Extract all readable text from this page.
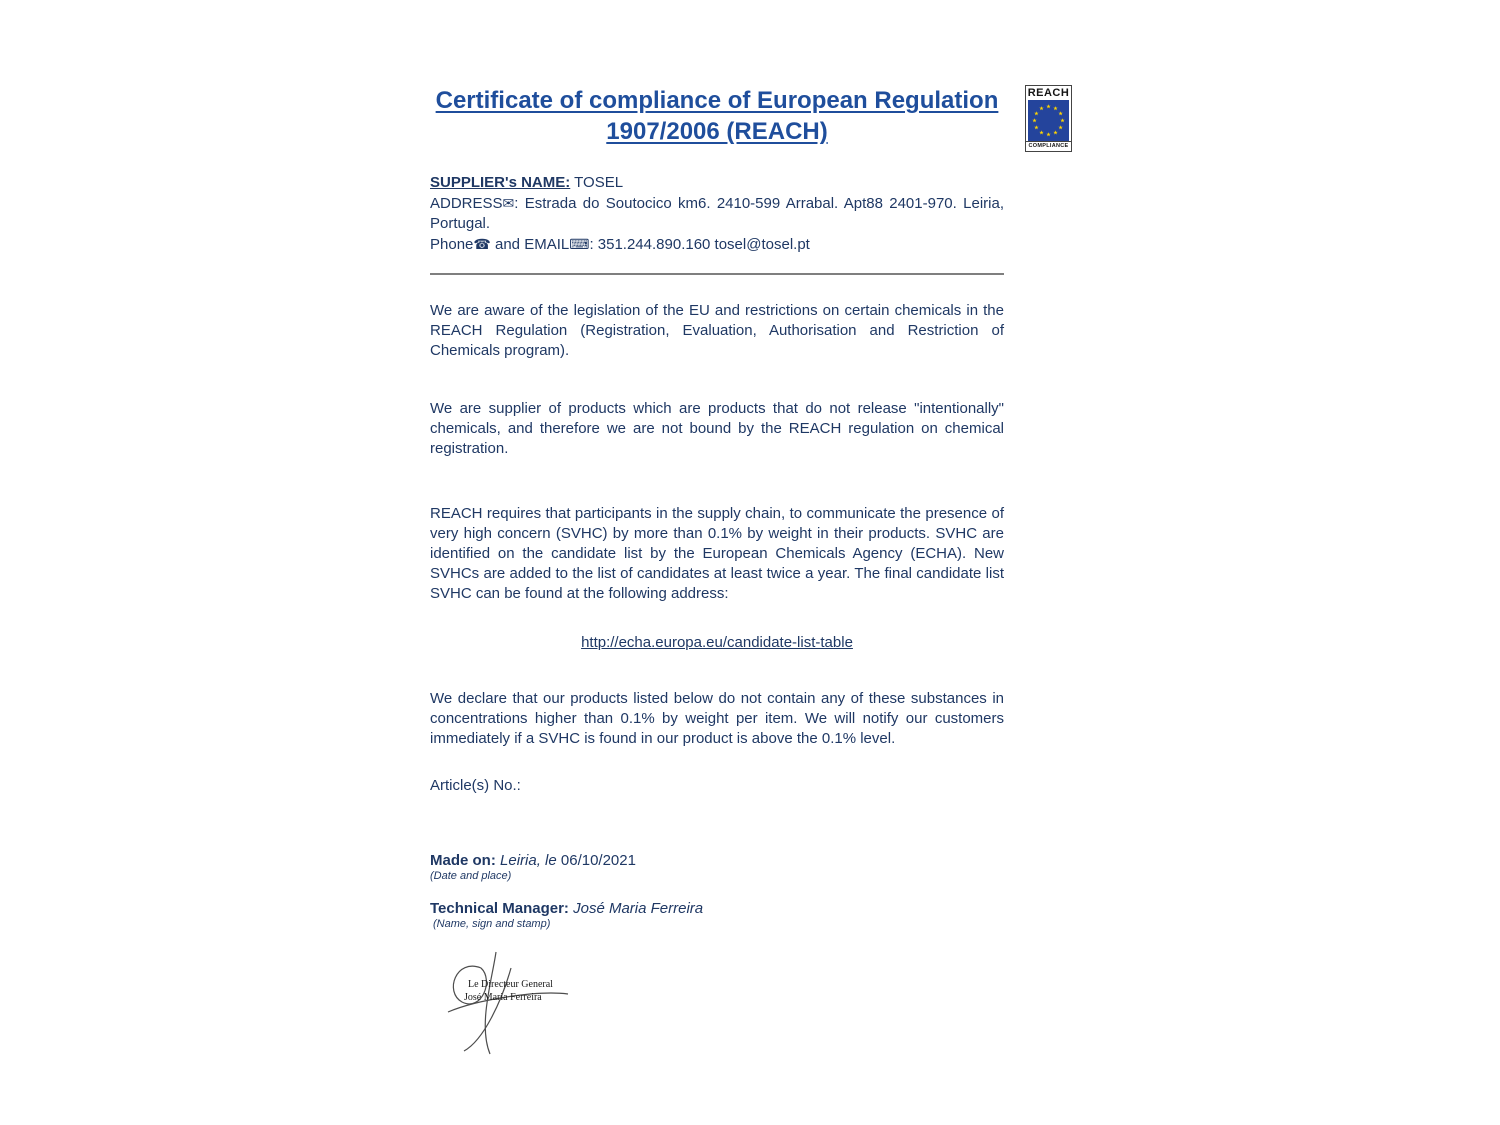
REACH
COMPLIANCE
Certificate of compliance of European Regulation
1907/2006 (REACH)
SUPPLIER's NAME: TOSEL
ADDRESS✉: Estrada do Soutocico km6. 2410-599 Arrabal. Apt88 2401-970. Leiria, Portugal.
Phone☎ and EMAIL⌨: 351.244.890.160 tosel@tosel.pt

We are aware of the legislation of the EU and restrictions on certain chemicals in the REACH Regulation (Registration, Evaluation, Authorisation and Restriction of Chemicals program).

We are supplier of products which are products that do not release "intentionally" chemicals, and therefore we are not bound by the REACH regulation on chemical registration.

REACH requires that participants in the supply chain, to communicate the presence of very high concern (SVHC) by more than 0.1% by weight in their products. SVHC are identified on the candidate list by the European Chemicals Agency (ECHA). New SVHCs are added to the list of candidates at least twice a year. The final candidate list SVHC can be found at the following address:

http://echa.europa.eu/candidate-list-table

We declare that our products listed below do not contain any of these substances in concentrations higher than 0.1% by weight per item. We will notify our customers immediately if a SVHC is found in our product is above the 0.1% level.

Article(s) No.:

Made on: Leiria, le 06/10/2021
(Date and place)
Technical Manager: José Maria Ferreira
(Name, sign and stamp)
Le Directeur General
José Maria Ferreira
